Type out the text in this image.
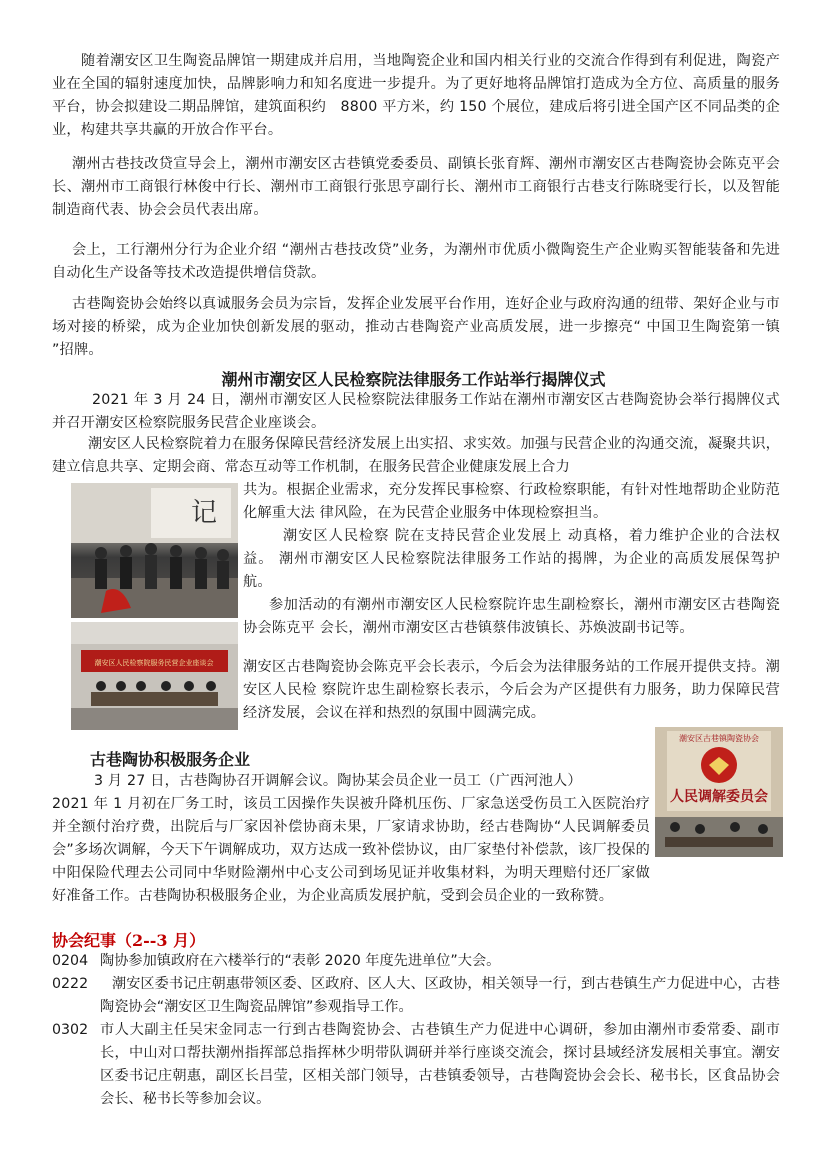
随着潮安区卫生陶瓷品牌馆一期建成并启用，当地陶瓷企业和国内相关行业的交流合作得到有利促进，陶瓷产业在全国的辐射速度加快，品牌影响力和知名度进一步提升。为了更好地将品牌馆打造成为全方位、高质量的服务平台，协会拟建设二期品牌馆，建筑面积约　8800 平方米，约 150 个展位，建成后将引进全国产区不同品类的企业，构建共享共赢的开放合作平台。

潮州古巷技改贷宣导会上，潮州市潮安区古巷镇党委委员、副镇长张育辉、潮州市潮安区古巷陶瓷协会陈克平会长、潮州市工商银行林俊中行长、潮州市工商银行张思亨副行长、潮州市工商银行古巷支行陈晓雯行长，以及智能制造商代表、协会会员代表出席。

会上，工行潮州分行为企业介绍 “潮州古巷技改贷”业务，为潮州市优质小微陶瓷生产企业购买智能装备和先进自动化生产设备等技术改造提供增信贷款。

古巷陶瓷协会始终以真诚服务会员为宗旨，发挥企业发展平台作用，连好企业与政府沟通的纽带、架好企业与市场对接的桥梁，成为企业加快创新发展的驱动，推动古巷陶瓷产业高质发展，进一步擦亮“ 中国卫生陶瓷第一镇 ”招牌。

潮州市潮安区人民检察院法律服务工作站举行揭牌仪式

2021 年 3 月 24 日，潮州市潮安区人民检察院法律服务工作站在潮州市潮安区古巷陶瓷协会举行揭牌仪式并召开潮安区检察院服务民营企业座谈会。

潮安区人民检察院着力在服务保障民营经济发展上出实招、求实效。加强与民营企业的沟通交流，凝聚共识，建立信息共享、定期会商、常态互动等工作机制，在服务民营企业健康发展上合力

记
潮安区人民检察院服务民营企业座谈会

共为。根据企业需求，充分发挥民事检察、行政检察职能，有针对性地帮助企业防范化解重大法 律风险，在为民营企业服务中体现检察担当。

潮安区人民检察 院在支持民营企业发展上 动真格，着力维护企业的合法权益。 潮州市潮安区人民检察院法律服务工作站的揭牌，为企业的高质发展保驾护航。

参加活动的有潮州市潮安区人民检察院许忠生副检察长，潮州市潮安区古巷陶瓷协会陈克平 会长，潮州市潮安区古巷镇蔡伟波镇长、苏焕波副书记等。

潮安区古巷陶瓷协会陈克平会长表示，今后会为法律服务站的工作展开提供支持。潮安区人民检 察院许忠生副检察长表示，今后会为产区提供有力服务，助力保障民营 经济发展，会议在祥和热烈的氛围中圆满完成。

古巷陶协积极服务企业

3 月 27 日，古巷陶协召开调解会议。陶协某会员企业一员工（广西河池人）

2021 年 1 月初在厂务工时，该员工因操作失误被升降机压伤、厂家急送受伤员工入医院治疗并全额付治疗费，出院后与厂家因补偿协商未果，厂家请求协助，经古巷陶协“人民调解委员会”多场次调解，今天下午调解成功，双方达成一致补偿协议，由厂家垫付补偿款，该厂投保的中阳保险代理去公司同中华财险潮州中心支公司到场见证并收集材料，为明天理赔付还厂家做好准备工作。古巷陶协积极服务企业，为企业高质发展护航，受到会员企业的一致称赞。

潮安区古巷镇陶瓷协会
人民调解委员会
协会纪事（2--3 月）
0204 陶协参加镇政府在六楼举行的“表彰 2020 年度先进单位”大会。
0222	潮安区委书记庄朝惠带领区委、区政府、区人大、区政协，相关领导一行，到古巷镇生产力促进中心，古巷陶瓷协会“潮安区卫生陶瓷品牌馆”参观指导工作。
0302 市人大副主任吴宋金同志一行到古巷陶瓷协会、古巷镇生产力促进中心调研，参加由潮州市委常委、副市长，中山对口帮扶潮州指挥部总指挥林少明带队调研并举行座谈交流会，探讨县域经济发展相关事宜。潮安区委书记庄朝惠，副区长吕莹，区相关部门领导，古巷镇委领导，古巷陶瓷协会会长、秘书长，区食品协会会长、秘书长等参加会议。
